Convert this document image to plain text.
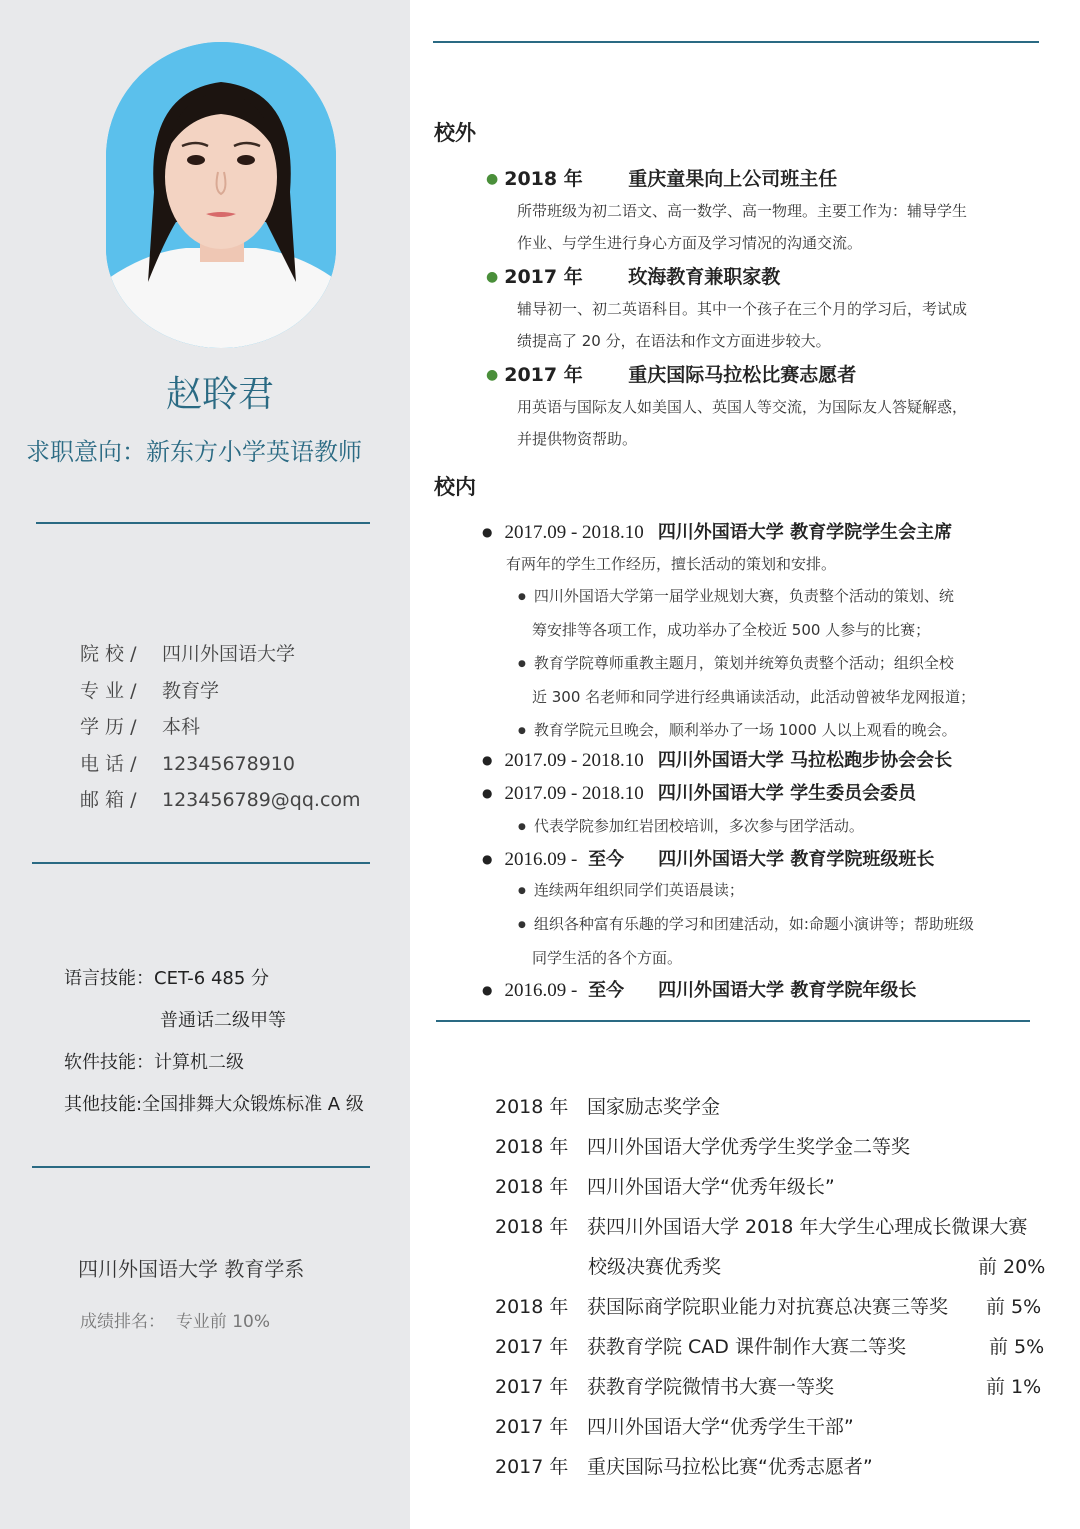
赵聆君
求职意向：新东方小学英语教师
院 校 / 四川外国语大学
专 业 / 教育学
学 历 / 本科
电 话 / 12345678910
邮 箱 / 123456789@qq.com
语言技能：CET-6 485 分
普通话二级甲等
软件技能：计算机二级
其他技能:全国排舞大众锻炼标准 A 级
四川外国语大学 教育学系
成绩排名： 专业前 10%
校外
● 2018 年 重庆童果向上公司班主任
所带班级为初二语文、高一数学、高一物理。主要工作为：辅导学生
作业、与学生进行身心方面及学习情况的沟通交流。
● 2017 年 玫海教育兼职家教
辅导初一、初二英语科目。其中一个孩子在三个月的学习后，考试成
绩提高了 20 分，在语法和作文方面进步较大。
● 2017 年 重庆国际马拉松比赛志愿者
用英语与国际友人如美国人、英国人等交流，为国际友人答疑解惑，
并提供物资帮助。
校内
● 2017.09 - 2018.10 四川外国语大学 教育学院学生会主席
有两年的学生工作经历，擅长活动的策划和安排。
● 四川外国语大学第一届学业规划大赛，负责整个活动的策划、统
筹安排等各项工作，成功举办了全校近 500 人参与的比赛；
● 教育学院尊师重教主题月，策划并统筹负责整个活动；组织全校
近 300 名老师和同学进行经典诵读活动，此活动曾被华龙网报道；
● 教育学院元旦晚会，顺利举办了一场 1000 人以上观看的晚会。
● 2017.09 - 2018.10 四川外国语大学 马拉松跑步协会会长
● 2017.09 - 2018.10 四川外国语大学 学生委员会委员
● 代表学院参加红岩团校培训，多次参与团学活动。
● 2016.09 - 至今 四川外国语大学 教育学院班级班长
● 连续两年组织同学们英语晨读；
● 组织各种富有乐趣的学习和团建活动，如:命题小演讲等；帮助班级
同学生活的各个方面。
● 2016.09 - 至今 四川外国语大学 教育学院年级长
2018 年 国家励志奖学金
2018 年 四川外国语大学优秀学生奖学金二等奖
2018 年 四川外国语大学“优秀年级长”
2018 年 获四川外国语大学 2018 年大学生心理成长微课大赛
校级决赛优秀奖	前 20%
2018 年 获国际商学院职业能力对抗赛总决赛三等奖 前 5%
2017 年 获教育学院 CAD 课件制作大赛二等奖	前 5%
2017 年 获教育学院微情书大赛一等奖	前 1%
2017 年 四川外国语大学“优秀学生干部”
2017 年 重庆国际马拉松比赛“优秀志愿者”
